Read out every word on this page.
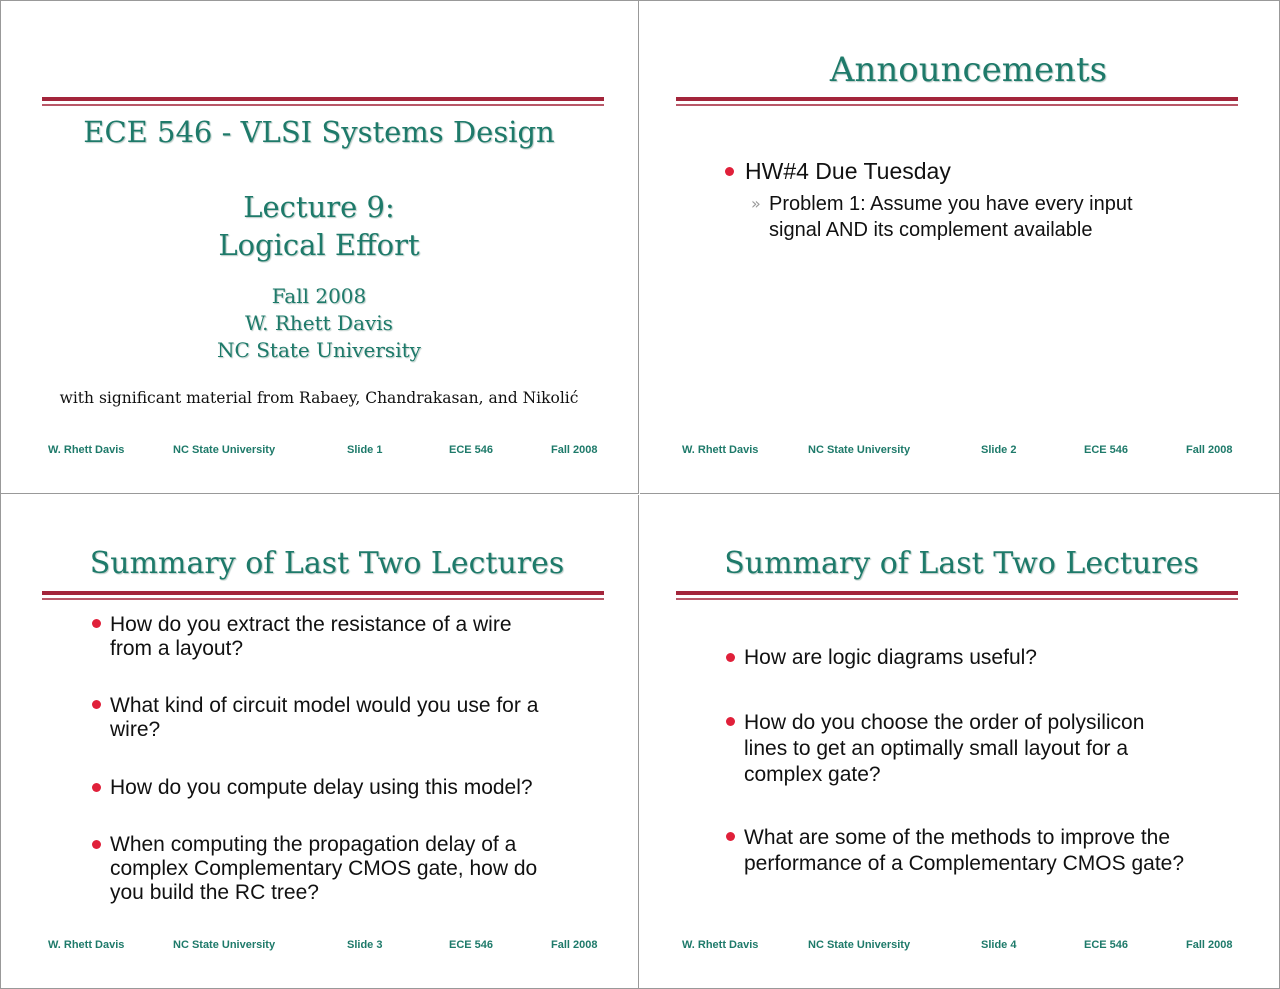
ECE 546 - VLSI Systems Design
Lecture 9:
Logical Effort
Fall 2008
W. Rhett Davis
NC State University
with significant material from Rabaey, Chandrakasan, and Nikolić
W. Rhett Davis	NC State University	Slide 1	ECE 546	Fall 2008
Announcements
HW#4 Due Tuesday
» Problem 1: Assume you have every input
signal AND its complement available
W. Rhett Davis	NC State University	Slide 2	ECE 546	Fall 2008
Summary of Last Two Lectures
How do you extract the resistance of a wire
from a layout?
What kind of circuit model would you use for a
wire?
How do you compute delay using this model?
When computing the propagation delay of a
complex Complementary CMOS gate, how do
you build the RC tree?
W. Rhett Davis	NC State University	Slide 3	ECE 546	Fall 2008
Summary of Last Two Lectures
How are logic diagrams useful?
How do you choose the order of polysilicon
lines to get an optimally small layout for a
complex gate?
What are some of the methods to improve the
performance of a Complementary CMOS gate?
W. Rhett Davis	NC State University	Slide 4	ECE 546	Fall 2008
